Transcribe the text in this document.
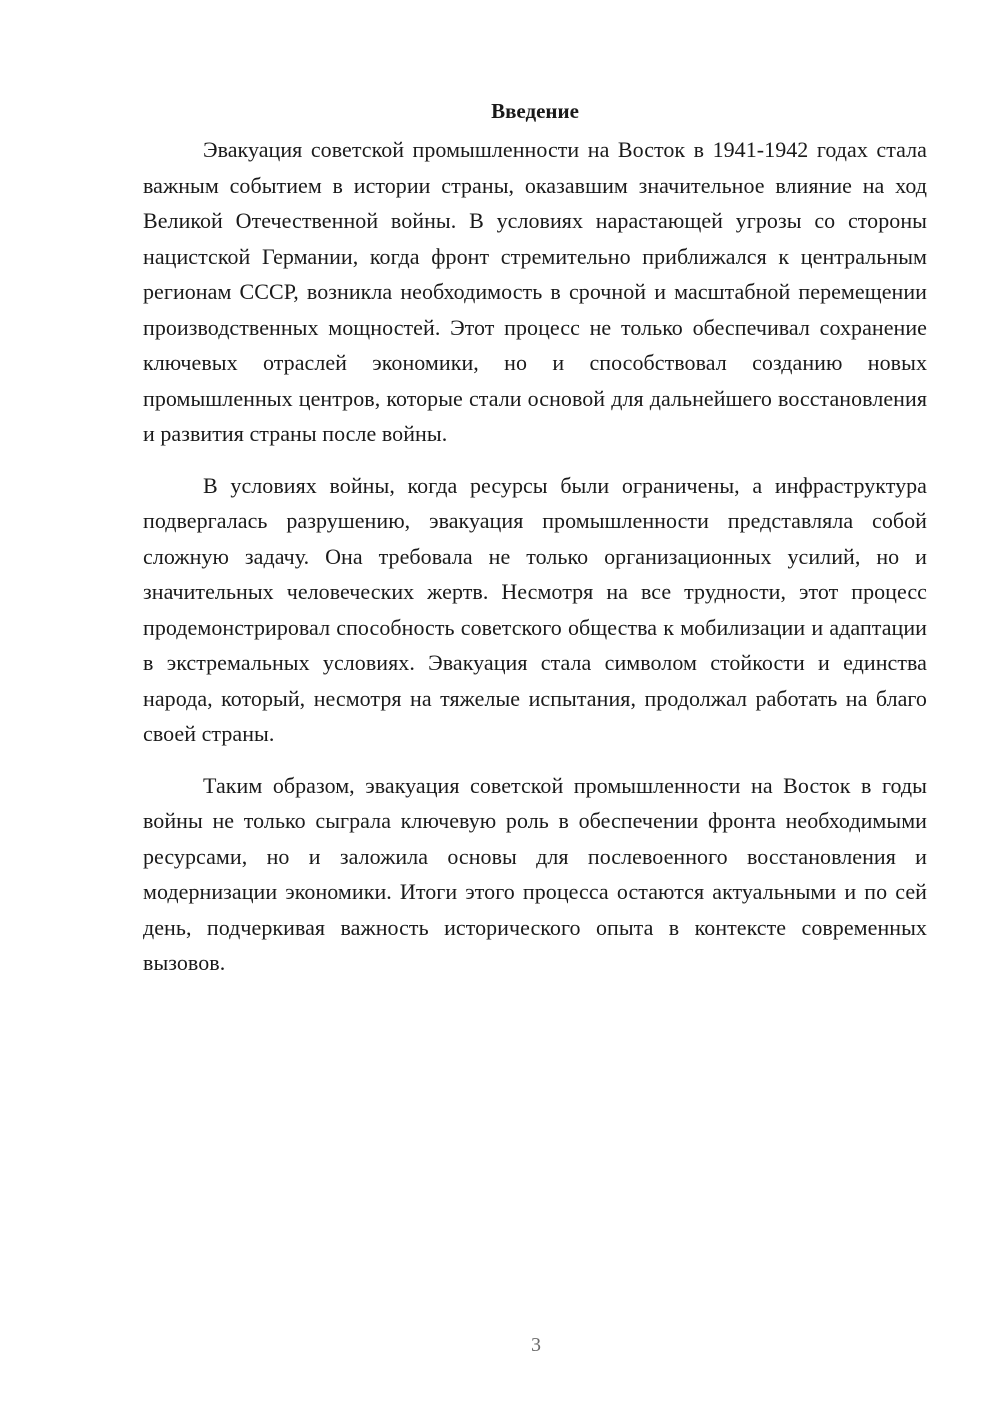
Введение

Эвакуация советской промышленности на Восток в 1941-1942 годах стала важным событием в истории страны, оказавшим значительное влияние на ход Великой Отечественной войны. В условиях нарастающей угрозы со стороны нацистской Германии, когда фронт стремительно приближался к центральным регионам СССР, возникла необходимость в срочной и масштабной перемещении производственных мощностей. Этот процесс не только обеспечивал сохранение ключевых отраслей экономики, но и способствовал созданию новых промышленных центров, которые стали основой для дальнейшего восстановления и развития страны после войны.

В условиях войны, когда ресурсы были ограничены, а инфраструктура подвергалась разрушению, эвакуация промышленности представляла собой сложную задачу. Она требовала не только организационных усилий, но и значительных человеческих жертв. Несмотря на все трудности, этот процесс продемонстрировал способность советского общества к мобилизации и адаптации в экстремальных условиях. Эвакуация стала символом стойкости и единства народа, который, несмотря на тяжелые испытания, продолжал работать на благо своей страны.

Таким образом, эвакуация советской промышленности на Восток в годы войны не только сыграла ключевую роль в обеспечении фронта необходимыми ресурсами, но и заложила основы для послевоенного восстановления и модернизации экономики. Итоги этого процесса остаются актуальными и по сей день, подчеркивая важность исторического опыта в контексте современных вызовов.

3
